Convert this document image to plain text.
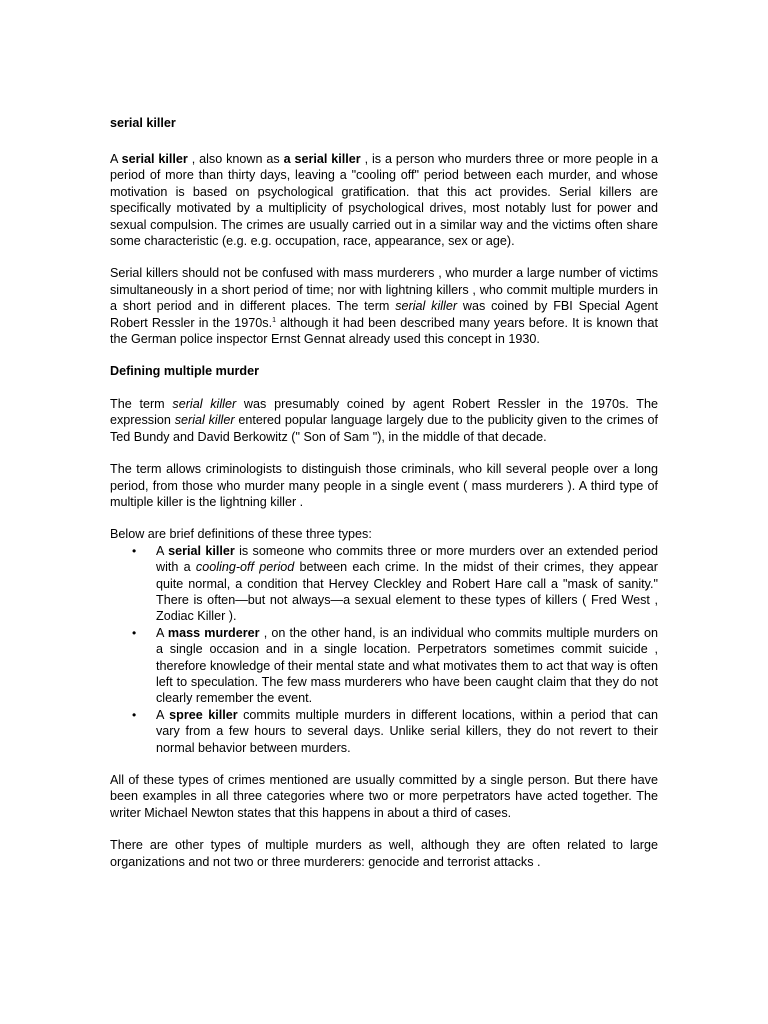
serial killer

A serial killer , also known as a serial killer , is a person who murders three or more people in a period of more than thirty days, leaving a "cooling off" period between each murder, and whose motivation is based on psychological gratification. that this act provides. Serial killers are specifically motivated by a multiplicity of psychological drives, most notably lust for power and sexual compulsion. The crimes are usually carried out in a similar way and the victims often share some characteristic (e.g. e.g. occupation, race, appearance, sex or age).

Serial killers should not be confused with mass murderers , who murder a large number of victims simultaneously in a short period of time; nor with lightning killers , who commit multiple murders in a short period and in different places. The term serial killer was coined by FBI Special Agent Robert Ressler in the 1970s.$^1$ although it had been described many years before. It is known that the German police inspector Ernst Gennat already used this concept in 1930.

Defining multiple murder

The term serial killer was presumably coined by agent Robert Ressler in the 1970s. The expression serial killer entered popular language largely due to the publicity given to the crimes of Ted Bundy and David Berkowitz (" Son of Sam "), in the middle of that decade.

The term allows criminologists to distinguish those criminals, who kill several people over a long period, from those who murder many people in a single event ( mass murderers ). A third type of multiple killer is the lightning killer .

Below are brief definitions of these three types:

• A serial killer is someone who commits three or more murders over an extended period with a cooling-off period between each crime. In the midst of their crimes, they appear quite normal, a condition that Hervey Cleckley and Robert Hare call a "mask of sanity." There is often—but not always—a sexual element to these types of killers ( Fred West , Zodiac Killer ).
• A mass murderer , on the other hand, is an individual who commits multiple murders on a single occasion and in a single location. Perpetrators sometimes commit suicide , therefore knowledge of their mental state and what motivates them to act that way is often left to speculation. The few mass murderers who have been caught claim that they do not clearly remember the event.
• A spree killer commits multiple murders in different locations, within a period that can vary from a few hours to several days. Unlike serial killers, they do not revert to their normal behavior between murders.

All of these types of crimes mentioned are usually committed by a single person. But there have been examples in all three categories where two or more perpetrators have acted together. The writer Michael Newton states that this happens in about a third of cases.

There are other types of multiple murders as well, although they are often related to large organizations and not two or three murderers: genocide and terrorist attacks .
